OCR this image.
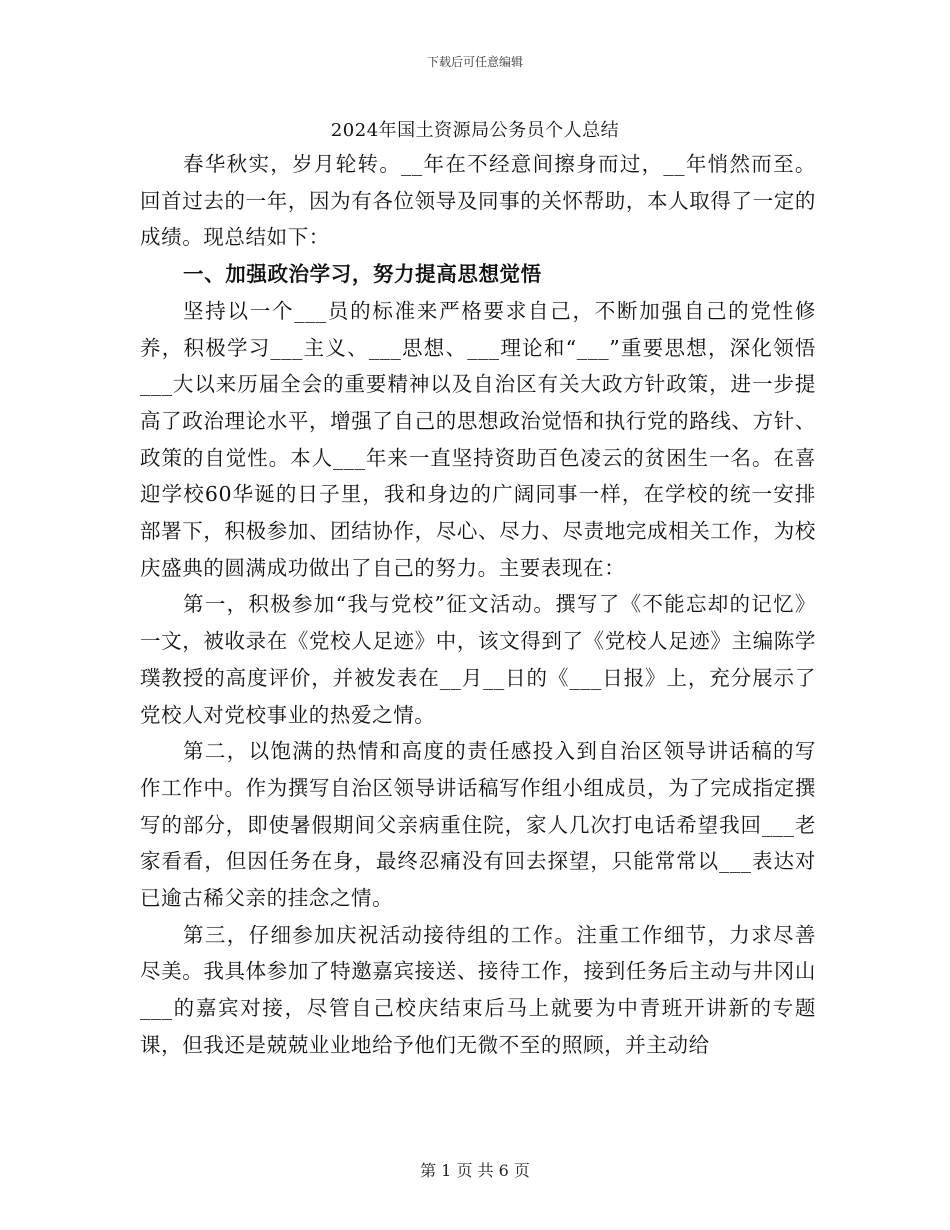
下载后可任意编辑
2024年国土资源局公务员个人总结

春华秋实，岁月轮转。__年在不经意间擦身而过，__年悄然而至。回首过去的一年，因为有各位领导及同事的关怀帮助，本人取得了一定的成绩。现总结如下：

一、加强政治学习，努力提高思想觉悟

坚持以一个___员的标准来严格要求自己，不断加强自己的党性修养，积极学习___主义、___思想、___理论和“___”重要思想，深化领悟___大以来历届全会的重要精神以及自治区有关大政方针政策，进一步提高了政治理论水平，增强了自己的思想政治觉悟和执行党的路线、方针、政策的自觉性。本人___年来一直坚持资助百色凌云的贫困生一名。在喜迎学校60华诞的日子里，我和身边的广阔同事一样，在学校的统一安排部署下，积极参加、团结协作，尽心、尽力、尽责地完成相关工作，为校庆盛典的圆满成功做出了自己的努力。主要表现在：

第一，积极参加“我与党校”征文活动。撰写了《不能忘却的记忆》一文，被收录在《党校人足迹》中，该文得到了《党校人足迹》主编陈学璞教授的高度评价，并被发表在__月__日的《___日报》上，充分展示了党校人对党校事业的热爱之情。

第二，以饱满的热情和高度的责任感投入到自治区领导讲话稿的写作工作中。作为撰写自治区领导讲话稿写作组小组成员，为了完成指定撰写的部分，即使暑假期间父亲病重住院，家人几次打电话希望我回___老家看看，但因任务在身，最终忍痛没有回去探望，只能常常以___表达对已逾古稀父亲的挂念之情。

第三，仔细参加庆祝活动接待组的工作。注重工作细节，力求尽善尽美。我具体参加了特邀嘉宾接送、接待工作，接到任务后主动与井冈山___的嘉宾对接，尽管自己校庆结束后马上就要为中青班开讲新的专题课，但我还是兢兢业业地给予他们无微不至的照顾，并主动给

第 1 页 共 6 页
